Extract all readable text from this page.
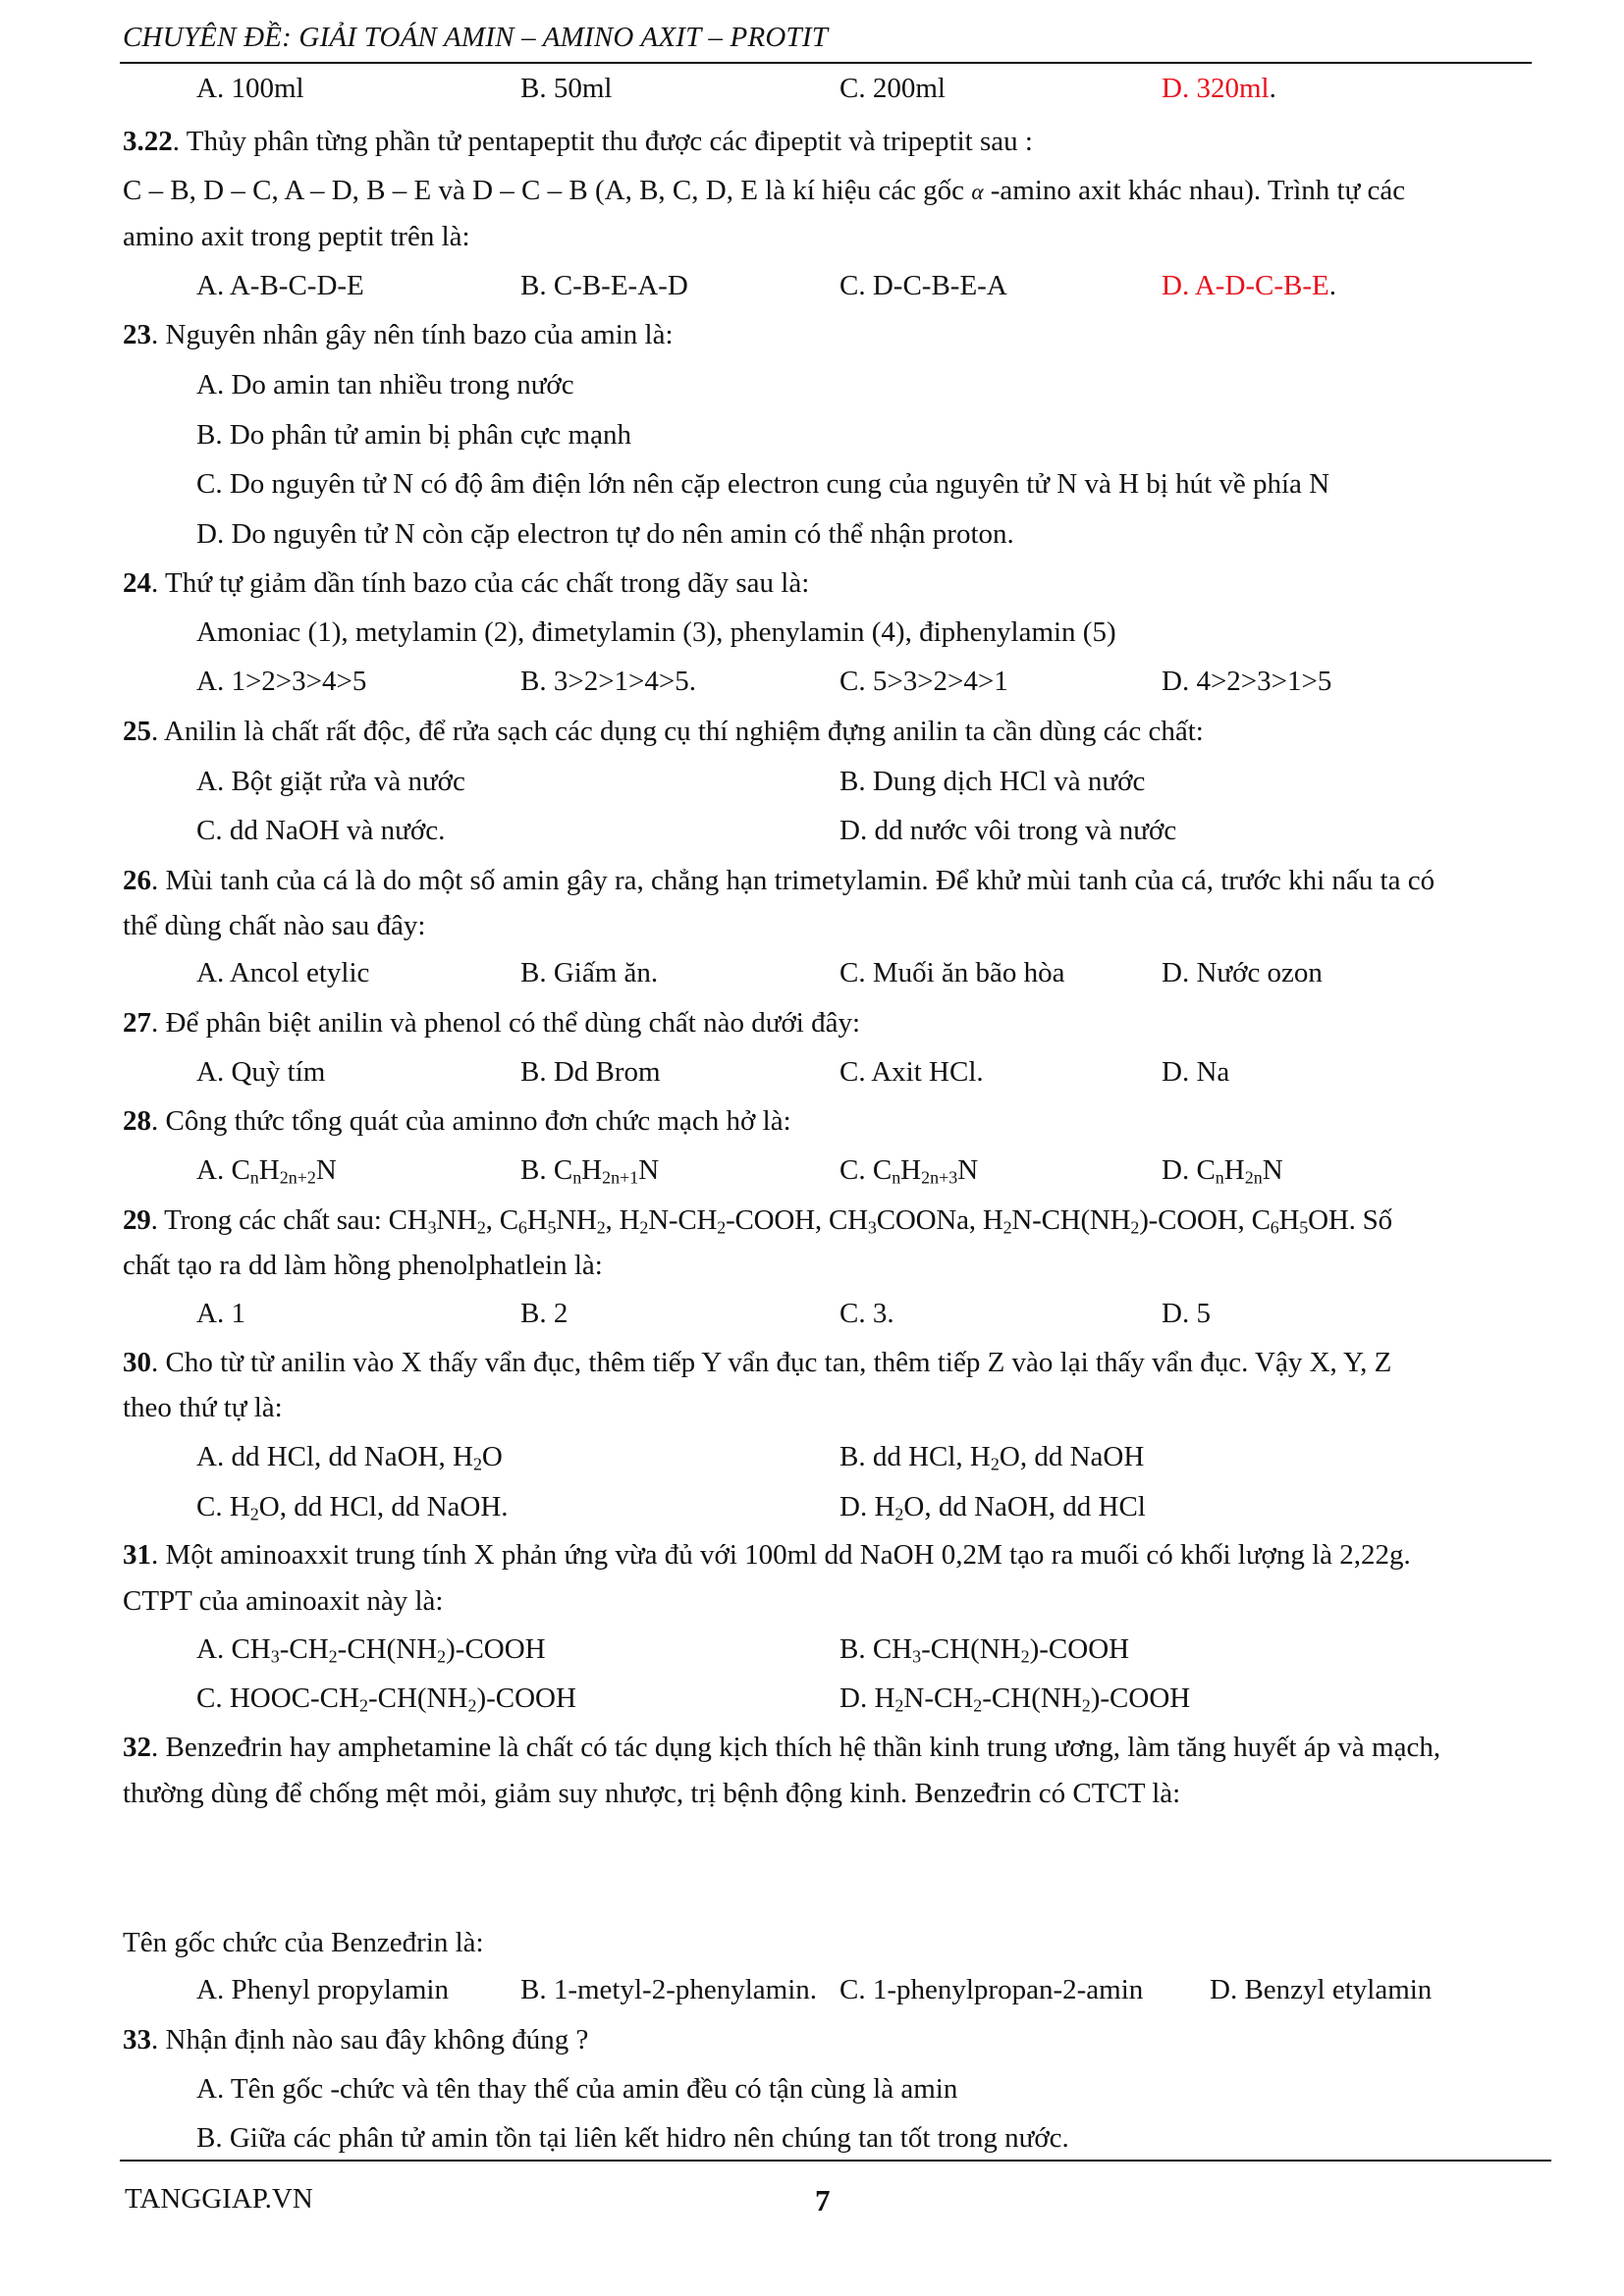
CHUYÊN ĐỀ: GIẢI TOÁN AMIN – AMINO AXIT – PROTIT
A. 100ml	B. 50ml	C. 200ml	D. 320ml.
3.22. Thủy phân từng phần tử pentapeptit thu được các đipeptit và tripeptit sau :
C – B, D – C, A – D, B – E và D – C – B (A, B, C, D, E là kí hiệu các gốc α -amino axit khác nhau). Trình tự các
amino axit trong peptit trên là:
A. A-B-C-D-E	B. C-B-E-A-D	C. D-C-B-E-A	D. A-D-C-B-E.
23. Nguyên nhân gây nên tính bazo của amin là:
A. Do amin tan nhiều trong nước
B. Do phân tử amin bị phân cực mạnh
C. Do nguyên tử N có độ âm điện lớn nên cặp electron cung của nguyên tử N và H bị hút về phía N
D. Do nguyên tử N còn cặp electron tự do nên amin có thể nhận proton.
24. Thứ tự giảm dần tính bazo của các chất trong dãy sau là:
Amoniac (1), metylamin (2), đimetylamin (3), phenylamin (4), điphenylamin (5)
A. 1>2>3>4>5	B. 3>2>1>4>5.	C. 5>3>2>4>1	D. 4>2>3>1>5
25. Anilin là chất rất độc, để rửa sạch các dụng cụ thí nghiệm đựng anilin ta cần dùng các chất:
A. Bột giặt rửa và nước	B. Dung dịch HCl và nước
C. dd NaOH và nước.	D. dd nước vôi trong và nước
26. Mùi tanh của cá là do một số amin gây ra, chẳng hạn trimetylamin. Để khử mùi tanh của cá, trước khi nấu ta có
thể dùng chất nào sau đây:
A. Ancol etylic	B. Giấm ăn.	C. Muối ăn bão hòa	D. Nước ozon
27. Để phân biệt anilin và phenol có thể dùng chất nào dưới đây:
A. Quỳ tím	B. Dd Brom	C. Axit HCl.	D. Na
28. Công thức tổng quát của aminno đơn chức mạch hở là:
A. $C_nH_{2n+2}N$	B. $C_nH_{2n+1}N$	C. $C_nH_{2n+3}N$	D. $C_nH_{2n}N$
29. Trong các chất sau: $CH_3NH_2$, $C_6H_5NH_2$, $H_2N-CH_2$-COOH, $CH_3COONa$, $H_2N-CH(NH_2)$-COOH, $C_6H_5OH$. Số
chất tạo ra dd làm hồng phenolphatlein là:
A. 1	B. 2	C. 3.	D. 5
30. Cho từ từ anilin vào X thấy vẩn đục, thêm tiếp Y vẩn đục tan, thêm tiếp Z vào lại thấy vẩn đục. Vậy X, Y, Z
theo thứ tự là:
A. dd HCl, dd NaOH, $H_2O$	B. dd HCl, $H_2O$, dd NaOH
C. $H_2O$, dd HCl, dd NaOH.	D. $H_2O$, dd NaOH, dd HCl
31. Một aminoaxxit trung tính X phản ứng vừa đủ với 100ml dd NaOH 0,2M tạo ra muối có khối lượng là 2,22g.
CTPT của aminoaxit này là:
A. $CH_3-CH_2-CH(NH_2)$-COOH	B. $CH_3-CH(NH_2)$-COOH
C. HOOC-$CH_2-CH(NH_2)$-COOH	D. $H_2N-CH_2-CH(NH_2)$-COOH
32. Benzeđrin hay amphetamine là chất có tác dụng kịch thích hệ thần kinh trung ương, làm tăng huyết áp và mạch,
thường dùng để chống mệt mỏi, giảm suy nhược, trị bệnh động kinh. Benzeđrin có CTCT là:
Tên gốc chức của Benzeđrin là:
A. Phenyl propylamin	B. 1-metyl-2-phenylamin. C. 1-phenylpropan-2-amin D. Benzyl etylamin
33. Nhận định nào sau đây không đúng ?
A. Tên gốc -chức và tên thay thế của amin đều có tận cùng là amin
B. Giữa các phân tử amin tồn tại liên kết hidro nên chúng tan tốt trong nước.
TANGGIAP.VN	7
